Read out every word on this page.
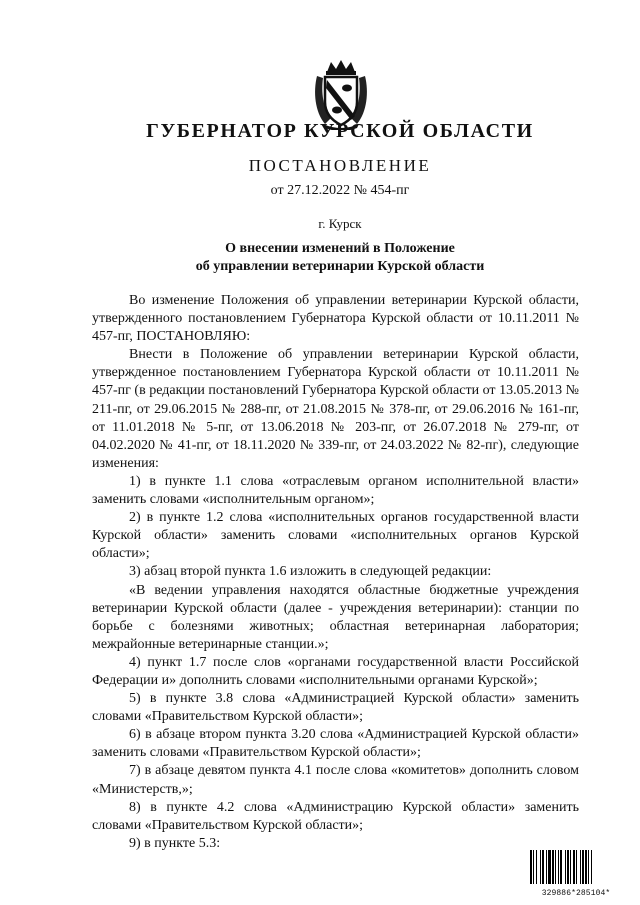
ГУБЕРНАТОР КУРСКОЙ ОБЛАСТИ
ПОСТАНОВЛЕНИЕ
от 27.12.2022 № 454-пг
г. Курск
О внесении изменений в Положение
об управлении ветеринарии Курской области

Во изменение Положения об управлении ветеринарии Курской области, утвержденного постановлением Губернатора Курской области от 10.11.2011 № 457-пг, ПОСТАНОВЛЯЮ:

Внести в Положение об управлении ветеринарии Курской области, утвержденное постановлением Губернатора Курской области от 10.11.2011 № 457-пг (в редакции постановлений Губернатора Курской области от 13.05.2013 № 211-пг, от 29.06.2015 № 288-пг, от 21.08.2015 № 378-пг, от 29.06.2016 № 161-пг, от 11.01.2018 № 5-пг, от 13.06.2018 № 203-пг, от 26.07.2018 № 279-пг, от 04.02.2020 № 41-пг, от 18.11.2020 № 339-пг, от 24.03.2022 № 82-пг), следующие изменения:

1) в пункте 1.1 слова «отраслевым органом исполнительной власти» заменить словами «исполнительным органом»;

2) в пункте 1.2 слова «исполнительных органов государственной власти Курской области» заменить словами «исполнительных органов Курской области»;

3) абзац второй пункта 1.6 изложить в следующей редакции:

«В ведении управления находятся областные бюджетные учреждения ветеринарии Курской области (далее - учреждения ветеринарии): станции по борьбе с болезнями животных; областная ветеринарная лаборатория; межрайонные ветеринарные станции.»;

4) пункт 1.7 после слов «органами государственной власти Российской Федерации и» дополнить словами «исполнительными органами Курской»;

5) в пункте 3.8 слова «Администрацией Курской области» заменить словами «Правительством Курской области»;

6) в абзаце втором пункта 3.20 слова «Администрацией Курской области» заменить словами «Правительством Курской области»;

7) в абзаце девятом пункта 4.1 после слова «комитетов» дополнить словом «Министерств,»;

8) в пункте 4.2 слова «Администрацию Курской области» заменить словами «Правительством Курской области»;

9) в пункте 5.3:

329886*285104*
